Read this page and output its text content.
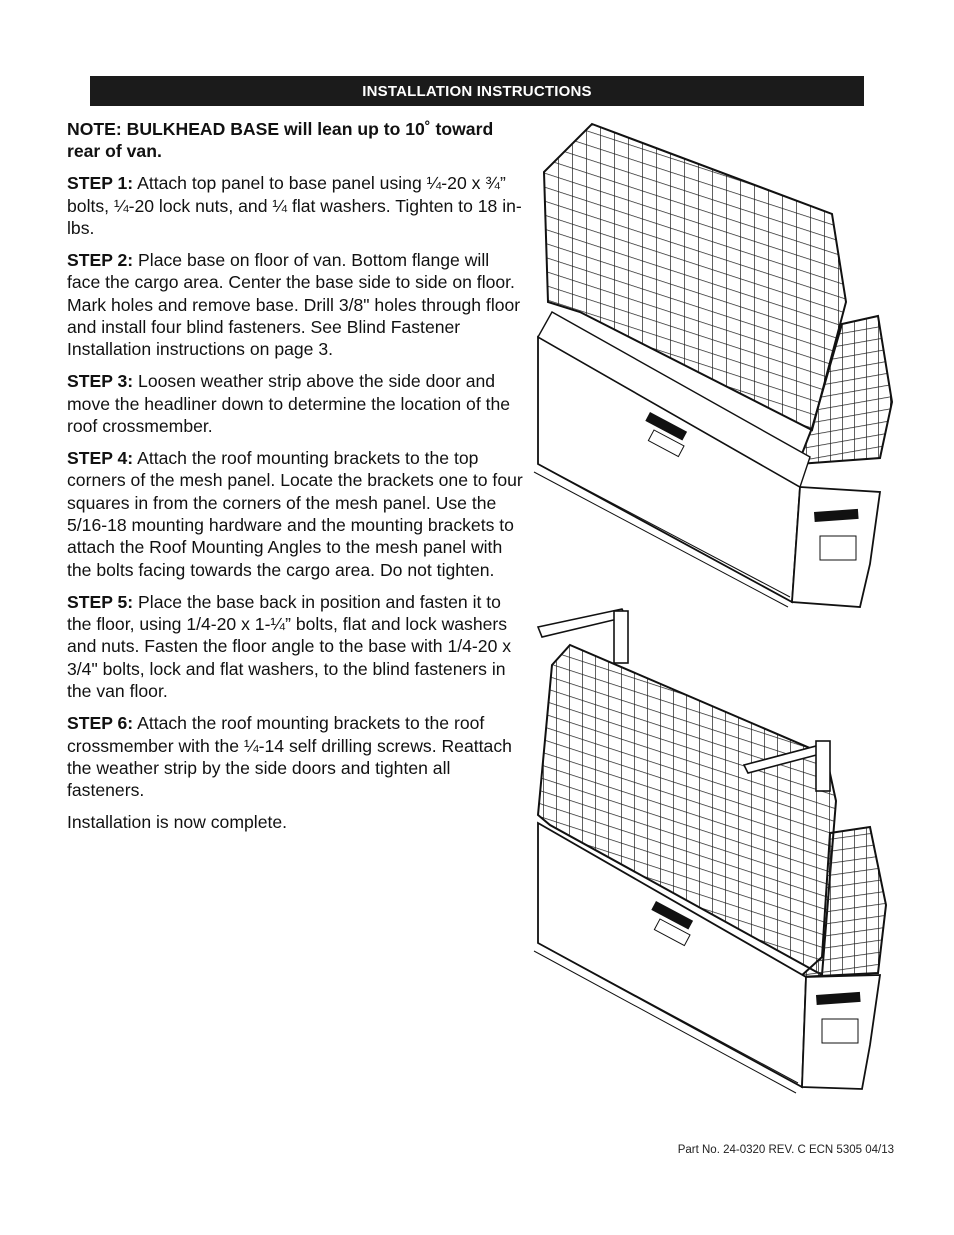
INSTALLATION INSTRUCTIONS

NOTE: BULKHEAD BASE will lean up to 10˚ toward rear of van.

STEP 1: Attach top panel to base panel using ¼-20 x ¾” bolts, ¼-20 lock nuts, and ¼ flat washers. Tighten to 18 in-lbs.

STEP 2: Place base on floor of van. Bottom flange will face the cargo area. Center the base side to side on floor. Mark holes and remove base. Drill 3/8" holes through floor and install four blind fasteners. See Blind Fastener Installation instructions on page 3.

STEP 3: Loosen weather strip above the side door and move the headliner down to determine the location of the roof crossmember.

STEP 4: Attach the roof mounting brackets to the top corners of the mesh panel. Locate the brackets one to four squares in from the corners of the mesh panel. Use the 5/16-18 mounting hardware and the mounting brackets to attach the Roof Mounting Angles to the mesh panel with the bolts facing towards the cargo area. Do not tighten.

STEP 5: Place the base back in position and fasten it to the floor, using 1/4-20 x 1-¼” bolts, flat and lock washers and nuts. Fasten the floor angle to the base with 1/4-20 x 3/4" bolts, lock and flat washers, to the blind fasteners in the van floor.

STEP 6: Attach the roof mounting brackets to the roof crossmember with the ¼-14 self drilling screws. Reattach the weather strip by the side doors and tighten all fasteners.

Installation is now complete.

Part No. 24-0320 REV. C ECN 5305 04/13
